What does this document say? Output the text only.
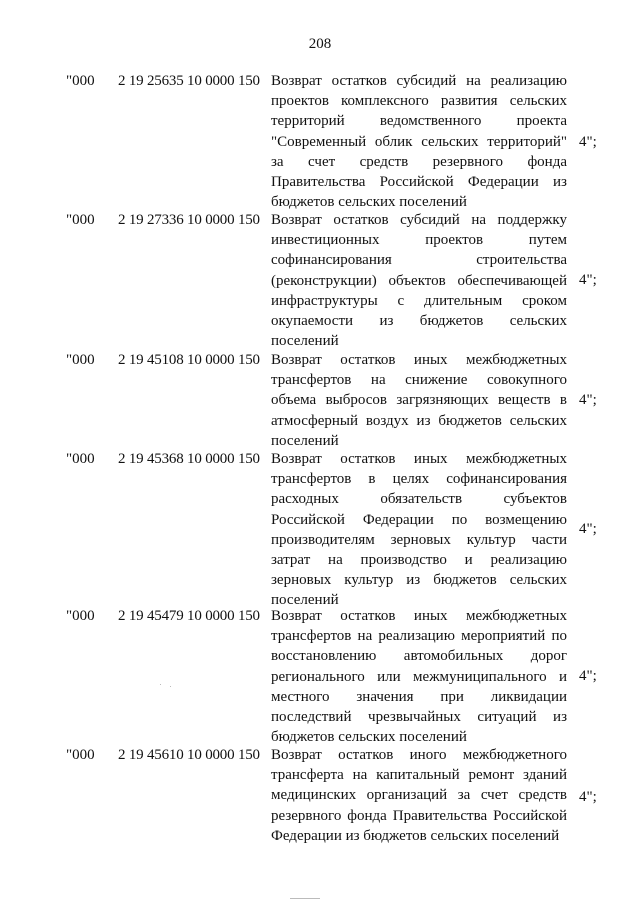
208
"000 2 19 25635 10 0000 150 Возврат остатков субсидий на реализацию
проектов комплексного развития сельских
территорий ведомственного проекта
"Современный облик сельских территорий"
за счет средств резервного фонда
Правительства Российской Федерации из
бюджетов сельских поселений
4";
"000 2 19 27336 10 0000 150 Возврат остатков субсидий на поддержку
инвестиционных проектов путем
софинансирования строительства
(реконструкции) объектов обеспечивающей
инфраструктуры с длительным сроком
окупаемости из бюджетов сельских
поселений
4";
"000 2 19 45108 10 0000 150 Возврат остатков иных межбюджетных
трансфертов на снижение совокупного
объема выбросов загрязняющих веществ в
атмосферный воздух из бюджетов сельских
поселений
4";
"000 2 19 45368 10 0000 150 Возврат остатков иных межбюджетных
трансфертов в целях софинансирования
расходных обязательств субъектов
Российской Федерации по возмещению
производителям зерновых культур части
затрат на производство и реализацию
зерновых культур из бюджетов сельских
поселений
4";
"000 2 19 45479 10 0000 150 Возврат остатков иных межбюджетных
трансфертов на реализацию мероприятий по
восстановлению автомобильных дорог
регионального или межмуниципального и
местного значения при ликвидации
последствий чрезвычайных ситуаций из
бюджетов сельских поселений
4";
"000 2 19 45610 10 0000 150 Возврат остатков иного межбюджетного
трансферта на капитальный ремонт зданий
медицинских организаций за счет средств
резервного фонда Правительства Российской
Федерации из бюджетов сельских поселений
4";
